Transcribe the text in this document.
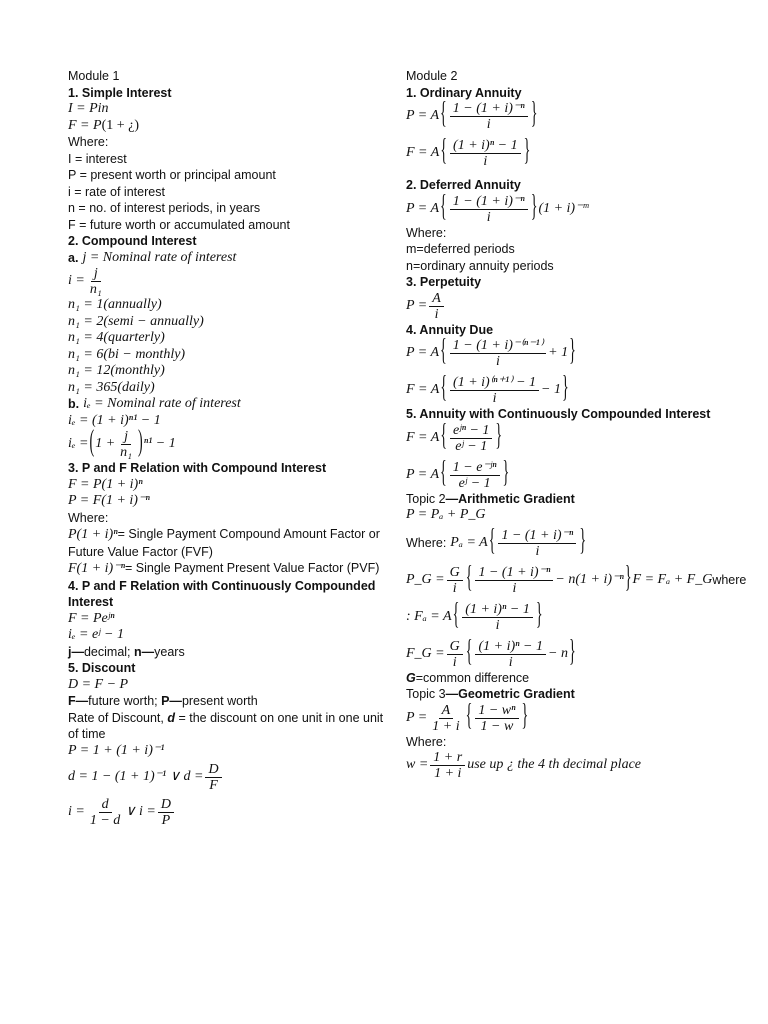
Module 1
1. Simple Interest
I = Pin
F = P (1 + ¿)
Where:
I = interest
P = present worth or principal amount
i = rate of interest
n = no. of interest periods, in years
F = future worth or accumulated amount
2. Compound Interest
a. j = Nominal rate of interest
$i = \frac{j}{\text{n₁}}$
n₁ = 1(annually)
n₁ = 2(semi − annually)
n₁ = 4(quarterly)
n₁ = 6(bi − monthly)
n₁ = 12(monthly)
n₁ = 365(daily)
b. iₑ = Nominal rate of interest
iₑ = (1 + i)ⁿ¹ − 1
iₑ = ( $1 + \frac{j}{\text{n₁}}$ ) ⁿ¹ − 1
3. P and F Relation with Compound Interest
F = P(1 + i)ⁿ
P = F(1 + i)⁻ⁿ
Where:
P(1 + i)ⁿ= Single Payment Compound Amount Factor or Future Value Factor (FVF)
F(1 + i)⁻ⁿ= Single Payment Present Value Factor (PVF)
4. P and F Relation with Continuously Compounded Interest
F = Peʲⁿ
iₑ = eʲ − 1
j—decimal; n—years
5. Discount
D = F − P
F—future worth; P—present worth
Rate of Discount, d = the discount on one unit in one unit of time
P = 1 + (1 + i)⁻¹
d = 1 − (1 + 1)⁻¹ ∨ $d = \frac{D}{F}$
$i = \frac{d}{1 - d}$ ∨ $i = \frac{D}{P}$
Module 2
1. Ordinary Annuity
P = A { $\frac{\text{1 − (1 + i)⁻ⁿ}}{i}$ }
F = A { $\frac{\text{(1 + i)ⁿ − 1}}{i}$ }
2. Deferred Annuity
P = A { $\frac{\text{1 − (1 + i)⁻ⁿ}}{i}$ } (1 + i)⁻ᵐ
Where:
m=deferred periods
n=ordinary annuity periods
3. Perpetuity
$P = \frac{A}{i}$
4. Annuity Due
P = A { $\frac{\text{1 − (1 + i)⁻⁽ⁿ⁻¹⁾}}{i} + 1$ }
F = A { $\frac{\text{(1 + i)⁽ⁿ⁺¹⁾ − 1}}{i} - 1$ }
5. Annuity with Continuously Compounded Interest
F = A { $\frac{\text{eʲⁿ − 1}}{\text{eʲ − 1}}$ }
P = A { $\frac{\text{1 − e⁻ʲⁿ}}{\text{eʲ − 1}}$ }
Topic 2—Arithmetic Gradient
P = Pₐ + P_G
Where: Pₐ = A { $\frac{\text{1 − (1 + i)⁻ⁿ}}{i}$ }
P_G = $\frac{G}{i}$ { $\frac{\text{1 − (1 + i)⁻ⁿ}}{i} - n(1 + i)^{-n}$ } F = Fₐ + F_G where
: Fₐ = A { $\frac{\text{(1 + i)ⁿ − 1}}{i}$ }
F_G = $\frac{G}{i}$ { $\frac{\text{(1 + i)ⁿ − 1}}{i} - n$ }
G=common difference
Topic 3—Geometric Gradient
$P = \frac{A}{1 + i}$ { $\frac{\text{1 − wⁿ}}{1 - w}$ }
Where:
$w = \frac{1 + r}{1 + i}$ use up ¿ the 4 th decimal place
